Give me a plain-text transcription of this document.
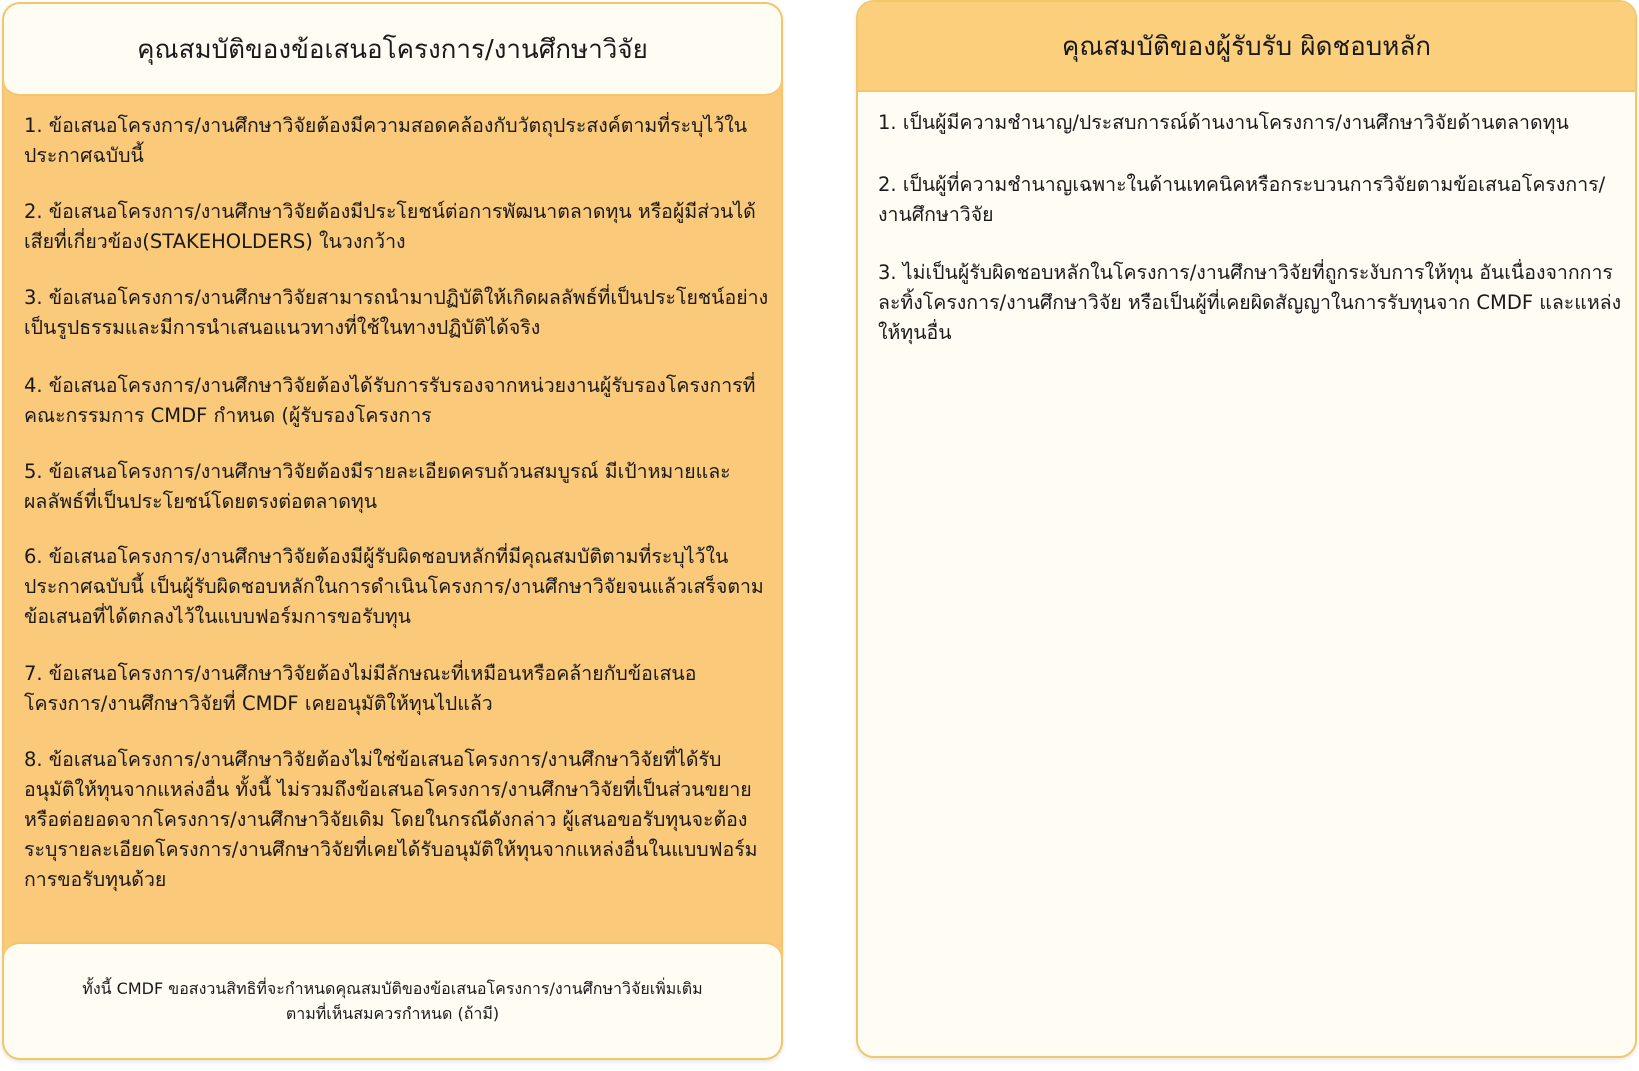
คุณสมบัติของข้อเสนอโครงการ/งานศึกษาวิจัย

1. ข้อเสนอโครงการ/งานศึกษาวิจัยต้องมีความสอดคล้องกับวัตถุประสงค์ตามที่ระบุไว้ในประกาศฉบับนี้

2. ข้อเสนอโครงการ/งานศึกษาวิจัยต้องมีประโยชน์ต่อการพัฒนาตลาดทุน หรือผู้มีส่วนได้เสียที่เกี่ยวข้อง(STAKEHOLDERS) ในวงกว้าง

3. ข้อเสนอโครงการ/งานศึกษาวิจัยสามารถนำมาปฏิบัติให้เกิดผลลัพธ์ที่เป็นประโยชน์อย่างเป็นรูปธรรมและมีการนำเสนอแนวทางที่ใช้ในทางปฏิบัติได้จริง

4. ข้อเสนอโครงการ/งานศึกษาวิจัยต้องได้รับการรับรองจากหน่วยงานผู้รับรองโครงการที่คณะกรรมการ CMDF กำหนด (ผู้รับรองโครงการ

5. ข้อเสนอโครงการ/งานศึกษาวิจัยต้องมีรายละเอียดครบถ้วนสมบูรณ์ มีเป้าหมายและผลลัพธ์ที่เป็นประโยชน์โดยตรงต่อตลาดทุน

6. ข้อเสนอโครงการ/งานศึกษาวิจัยต้องมีผู้รับผิดชอบหลักที่มีคุณสมบัติตามที่ระบุไว้ในประกาศฉบับนี้ เป็นผู้รับผิดชอบหลักในการดำเนินโครงการ/งานศึกษาวิจัยจนแล้วเสร็จตามข้อเสนอที่ได้ตกลงไว้ในแบบฟอร์มการขอรับทุน

7. ข้อเสนอโครงการ/งานศึกษาวิจัยต้องไม่มีลักษณะที่เหมือนหรือคล้ายกับข้อเสนอโครงการ/งานศึกษาวิจัยที่ CMDF เคยอนุมัติให้ทุนไปแล้ว

8. ข้อเสนอโครงการ/งานศึกษาวิจัยต้องไม่ใช่ข้อเสนอโครงการ/งานศึกษาวิจัยที่ได้รับอนุมัติให้ทุนจากแหล่งอื่น ทั้งนี้ ไม่รวมถึงข้อเสนอโครงการ/งานศึกษาวิจัยที่เป็นส่วนขยายหรือต่อยอดจากโครงการ/งานศึกษาวิจัยเดิม โดยในกรณีดังกล่าว ผู้เสนอขอรับทุนจะต้องระบุรายละเอียดโครงการ/งานศึกษาวิจัยที่เคยได้รับอนุมัติให้ทุนจากแหล่งอื่นในแบบฟอร์มการขอรับทุนด้วย

ทั้งนี้ CMDF ขอสงวนสิทธิที่จะกำหนดคุณสมบัติของข้อเสนอโครงการ/งานศึกษาวิจัยเพิ่มเติมตามที่เห็นสมควรกำหนด (ถ้ามี)

คุณสมบัติของผู้รับรับ ผิดชอบหลัก

1. เป็นผู้มีความชำนาญ/ประสบการณ์ด้านงานโครงการ/งานศึกษาวิจัยด้านตลาดทุน

2. เป็นผู้ที่ความชำนาญเฉพาะในด้านเทคนิคหรือกระบวนการวิจัยตามข้อเสนอโครงการ/งานศึกษาวิจัย

3. ไม่เป็นผู้รับผิดชอบหลักในโครงการ/งานศึกษาวิจัยที่ถูกระงับการให้ทุน อันเนื่องจากการละทิ้งโครงการ/งานศึกษาวิจัย หรือเป็นผู้ที่เคยผิดสัญญาในการรับทุนจาก CMDF และแหล่งให้ทุนอื่น
